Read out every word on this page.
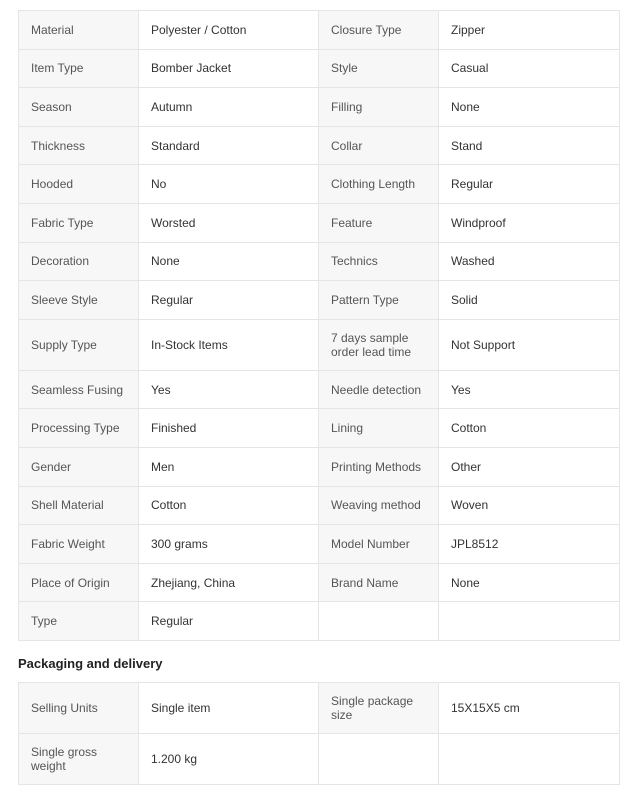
Material	Polyester / Cotton	Closure Type	Zipper
Item Type	Bomber Jacket	Style	Casual
Season	Autumn	Filling	None
Thickness	Standard	Collar	Stand
Hooded	No	Clothing Length	Regular
Fabric Type	Worsted	Feature	Windproof
Decoration	None	Technics	Washed
Sleeve Style	Regular	Pattern Type	Solid
Supply Type	In-Stock Items	7 days sample order lead time	Not Support
Seamless Fusing	Yes	Needle detection	Yes
Processing Type	Finished	Lining	Cotton
Gender	Men	Printing Methods	Other
Shell Material	Cotton	Weaving method	Woven
Fabric Weight	300 grams	Model Number	JPL8512
Place of Origin	Zhejiang, China	Brand Name	None
Type	Regular		
Packaging and delivery
Selling Units	Single item	Single package size	15X15X5 cm
Single gross weight	1.200 kg		
